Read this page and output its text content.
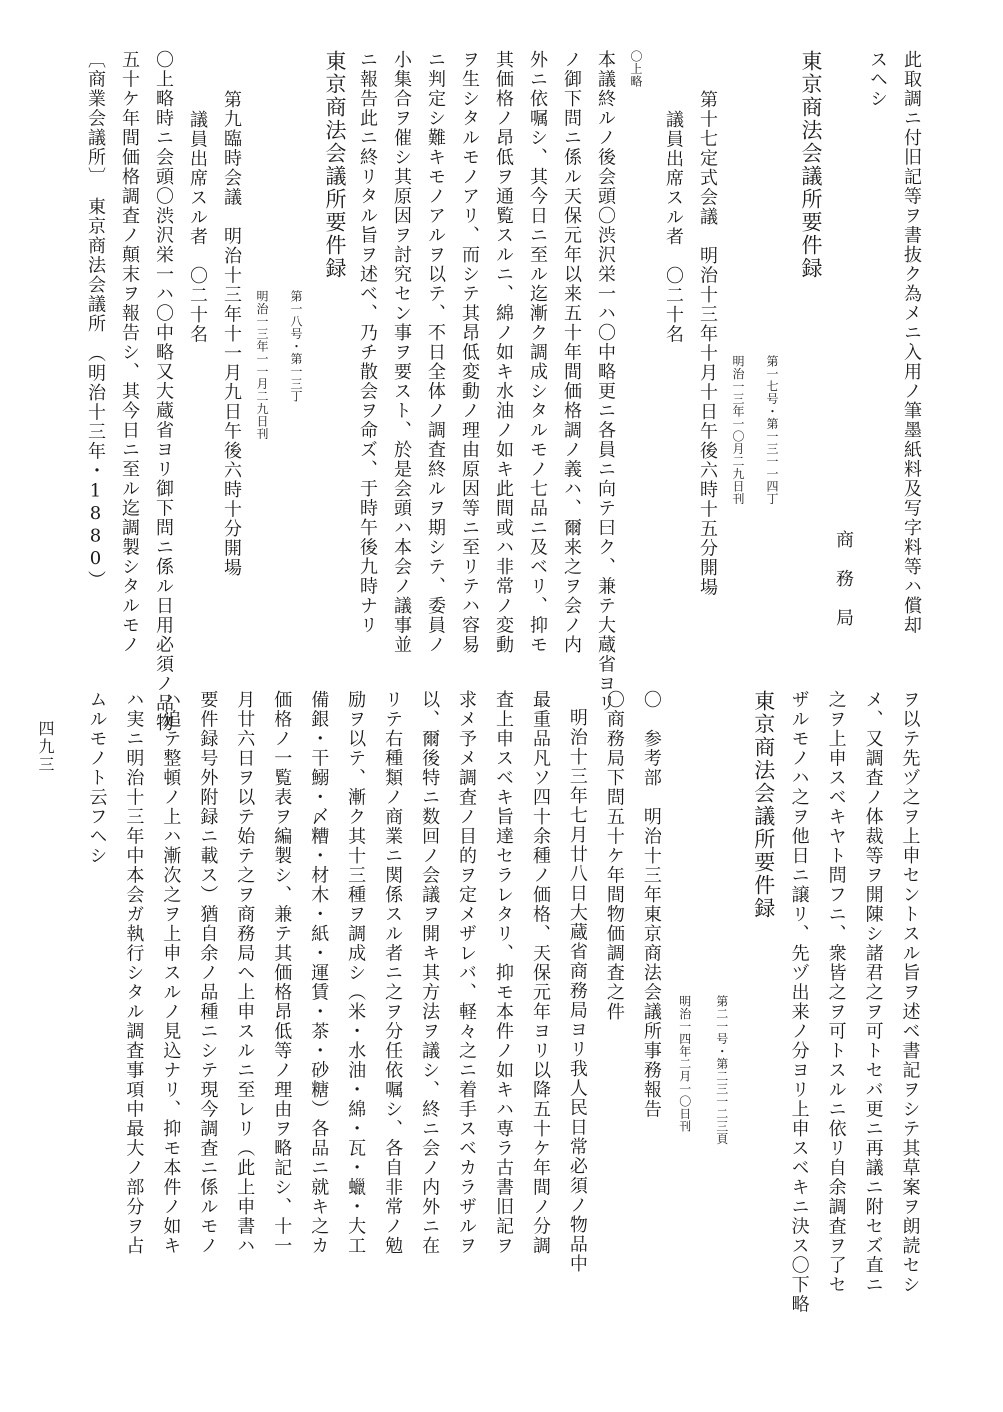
此取調ニ付旧記等ヲ書抜ク為メニ入用ノ筆墨紙料及写字料等ハ償却
スヘシ
商　務　局
東京商法会議所要件録
第一七号・第一三一一四丁
明治一三年一〇月二九日刊
第十七定式会議　明治十三年十月十日午後六時十五分開場
議員出席スル者　〇二十名
〇上略
本議終ルノ後会頭〇渋沢栄一ハ〇中略更ニ各員ニ向テ曰ク、兼テ大蔵省ヨリ
ノ御下問ニ係ル天保元年以来五十年間価格調ノ義ハ、爾来之ヲ会ノ内
外ニ依嘱シ、其今日ニ至ル迄漸ク調成シタルモノ七品ニ及ベリ、抑モ
其価格ノ昂低ヲ通覧スルニ、綿ノ如キ水油ノ如キ此間或ハ非常ノ変動
ヲ生シタルモノアリ、而シテ其昂低変動ノ理由原因等ニ至リテハ容易
ニ判定シ難キモノアルヲ以テ、不日全体ノ調査終ルヲ期シテ、委員ノ
小集合ヲ催シ其原因ヲ討究セン事ヲ要スト、於是会頭ハ本会ノ議事並
ニ報告此ニ終リタル旨ヲ述ベ、乃チ散会ヲ命ズ、于時午後九時ナリ
東京商法会議所要件録
第一八号・第一三丁
明治一三年一一月二九日刊
第九臨時会議　明治十三年十一月九日午後六時十分開場
議員出席スル者　〇二十名
〇上略時ニ会頭〇渋沢栄一ハ〇中略又大蔵省ヨリ御下問ニ係ル日用必須ノ品物
五十ケ年間価格調査ノ顛末ヲ報告シ、其今日ニ至ル迄調製シタルモノ
〔商業会議所〕　東京商法会議所　（明治十三年・1880）
ヲ以テ先ヅ之ヲ上申セントスル旨ヲ述ベ書記ヲシテ其草案ヲ朗読セシ
メ、又調査ノ体裁等ヲ開陳シ諸君之ヲ可トセバ更ニ再議ニ附セズ直ニ
之ヲ上申スベキヤト問フニ、衆皆之ヲ可トスルニ依リ自余調査ヲ了セ
ザルモノハ之ヲ他日ニ譲リ、先ヅ出来ノ分ヨリ上申スベキニ決ス〇下略
東京商法会議所要件録
第二一号・第二三一二三頁
明治一四年二月一〇日刊
〇　参考部　明治十三年東京商法会議所事務報告
〇商務局下問五十ケ年間物価調査之件
明治十三年七月廿八日大蔵省商務局ヨリ我人民日常必須ノ物品中
最重品凡ソ四十余種ノ価格、天保元年ヨリ以降五十ケ年間ノ分調
査上申スベキ旨達セラレタリ、抑モ本件ノ如キハ専ラ古書旧記ヲ
求メ予メ調査ノ目的ヲ定メザレバ、軽々之ニ着手スベカラザルヲ
以、爾後特ニ数回ノ会議ヲ開キ其方法ヲ議シ、終ニ会ノ内外ニ在
リテ右種類ノ商業ニ関係スル者ニ之ヲ分任依嘱シ、各自非常ノ勉
励ヲ以テ、漸ク其十三種ヲ調成シ（米・水油・綿・瓦・蠟・大工
備銀・干鰯・〆糟・材木・紙・運賃・茶・砂糖）各品ニ就キ之カ
価格ノ一覧表ヲ編製シ、兼テ其価格昂低等ノ理由ヲ略記シ、十一
月廿六日ヲ以テ始テ之ヲ商務局ヘ上申スルニ至レリ（此上申書ハ
要件録号外附録ニ載ス）猶自余ノ品種ニシテ現今調査ニ係ルモノ
ハ追テ整頓ノ上ハ漸次之ヲ上申スルノ見込ナリ、抑モ本件ノ如キ
ハ実ニ明治十三年中本会ガ執行シタル調査事項中最大ノ部分ヲ占
ムルモノト云フヘシ
四九三
